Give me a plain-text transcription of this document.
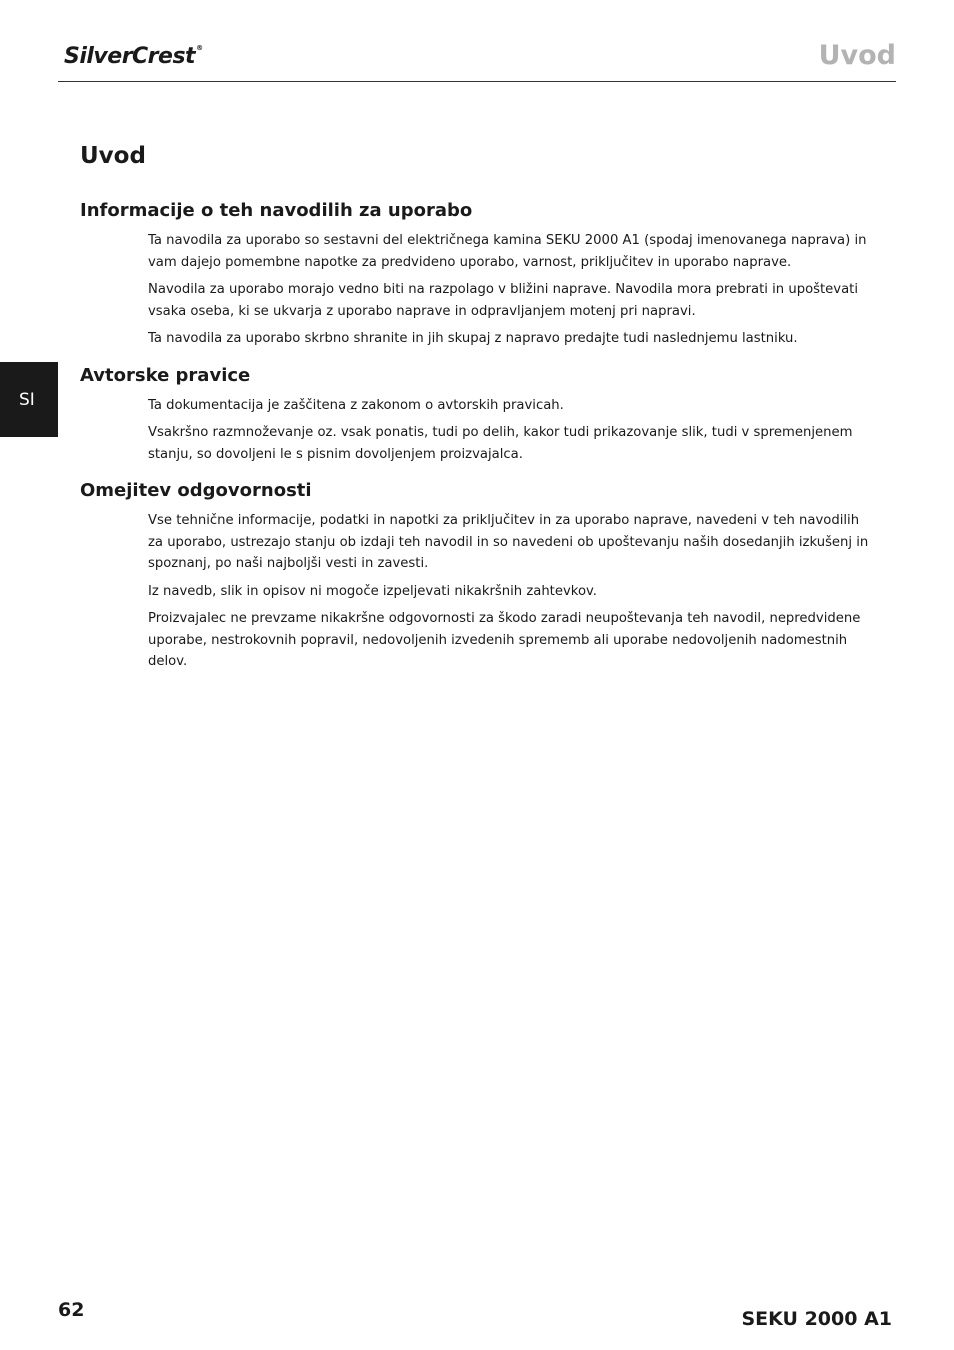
SilverCrest®	Uvod
SI
Uvod
Informacije o teh navodilih za uporabo

Ta navodila za uporabo so sestavni del električnega kamina SEKU 2000 A1 (spodaj imenovanega naprava) in vam dajejo pomembne napotke za predvideno uporabo, varnost, priključitev in uporabo naprave.

Navodila za uporabo morajo vedno biti na razpolago v bližini naprave. Navodila mora prebrati in upoštevati vsaka oseba, ki se ukvarja z uporabo naprave in odpravljanjem motenj pri napravi.

Ta navodila za uporabo skrbno shranite in jih skupaj z napravo predajte tudi naslednjemu lastniku.

Avtorske pravice

Ta dokumentacija je zaščitena z zakonom o avtorskih pravicah.

Vsakršno razmnoževanje oz. vsak ponatis, tudi po delih, kakor tudi prikazovanje slik, tudi v spremenjenem stanju, so dovoljeni le s pisnim dovoljenjem proizvajalca.

Omejitev odgovornosti

Vse tehnične informacije, podatki in napotki za priključitev in za uporabo naprave, navedeni v teh navodilih za uporabo, ustrezajo stanju ob izdaji teh navodil in so navedeni ob upoštevanju naših dosedanjih izkušenj in spoznanj, po naši najboljši vesti in zavesti.

Iz navedb, slik in opisov ni mogoče izpeljevati nikakršnih zahtevkov.

Proizvajalec ne prevzame nikakršne odgovornosti za škodo zaradi neupoštevanja teh navodil, nepredvidene uporabe, nestrokovnih popravil, nedovoljenih izvedenih sprememb ali uporabe nedovoljenih nadomestnih delov.

62	SEKU 2000 A1
